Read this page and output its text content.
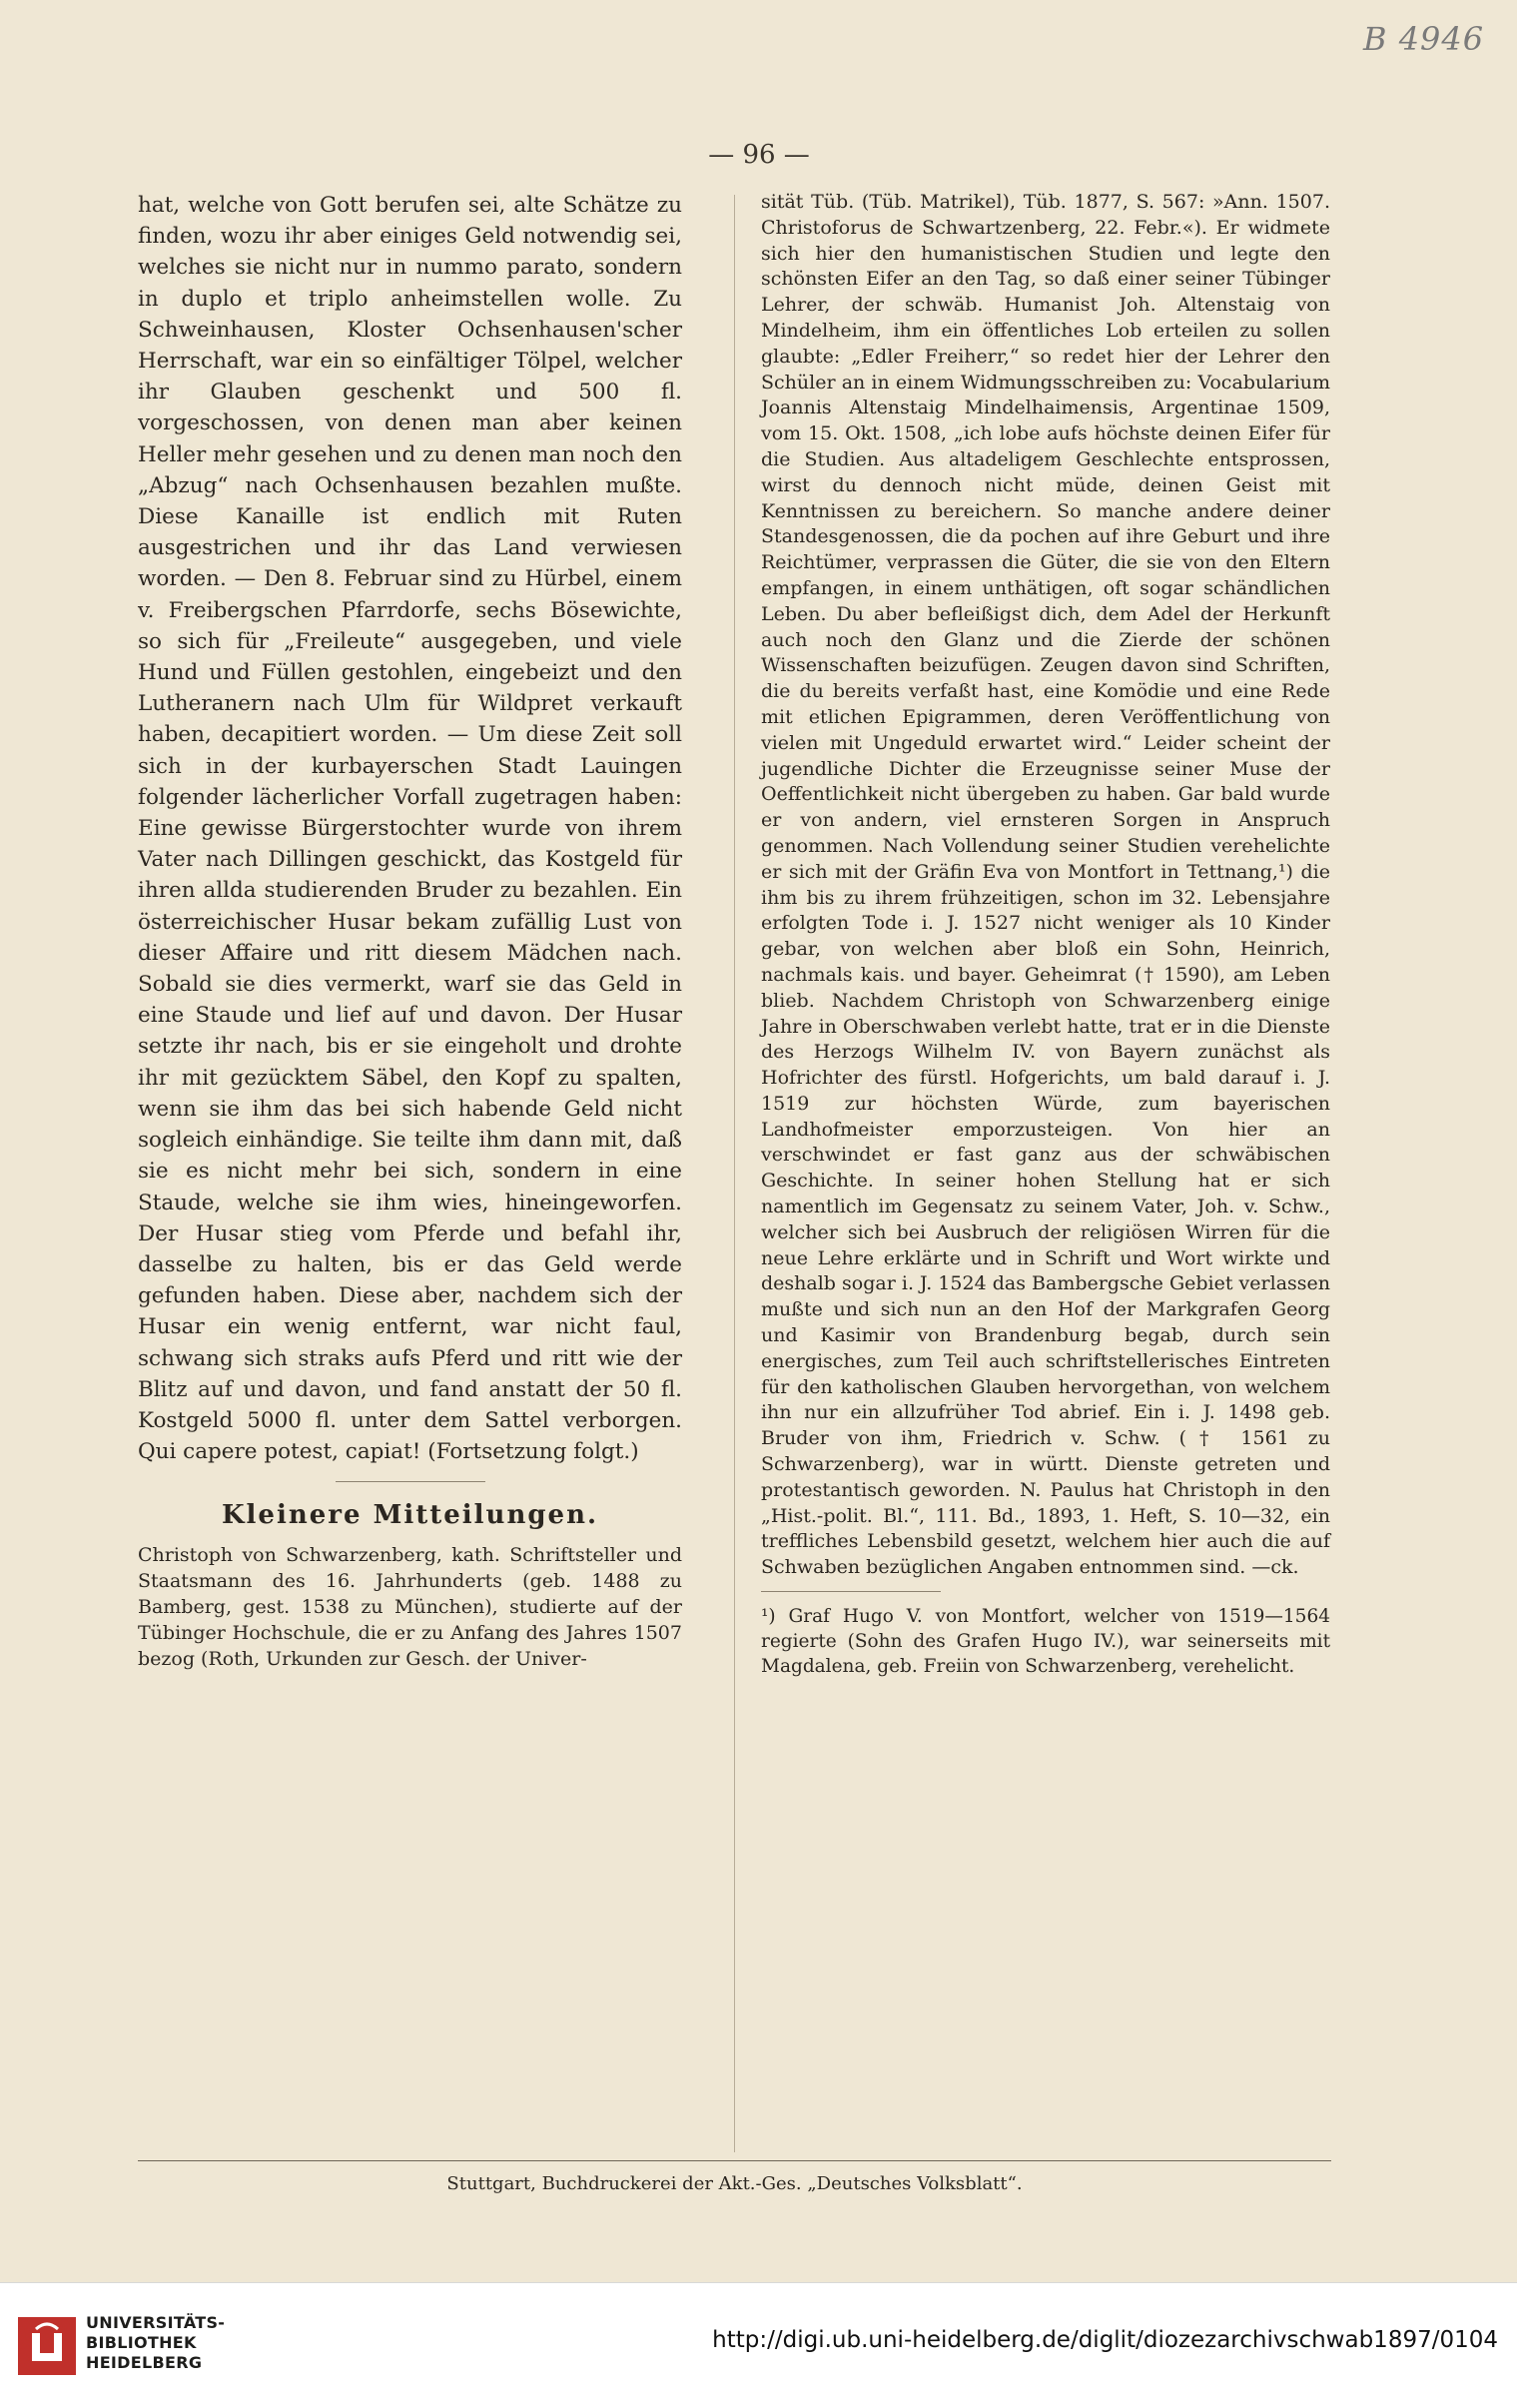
B 4946
— 96 —

hat, welche von Gott berufen sei, alte Schätze zu finden, wozu ihr aber einiges Geld notwendig sei, welches sie nicht nur in nummo parato, sondern in duplo et triplo anheimstellen wolle. Zu Schweinhausen, Kloster Ochsenhausen'scher Herrschaft, war ein so einfältiger Tölpel, welcher ihr Glauben geschenkt und 500 fl. vorgeschossen, von denen man aber keinen Heller mehr gesehen und zu denen man noch den „Abzug“ nach Ochsenhausen bezahlen mußte. Diese Kanaille ist endlich mit Ruten ausgestrichen und ihr das Land verwiesen worden. — Den 8. Februar sind zu Hürbel, einem v. Freibergschen Pfarrdorfe, sechs Bösewichte, so sich für „Freileute“ ausgegeben, und viele Hund und Füllen gestohlen, eingebeizt und den Lutheranern nach Ulm für Wildpret verkauft haben, decapitiert worden. — Um diese Zeit soll sich in der kurbayerschen Stadt Lauingen folgender lächerlicher Vorfall zugetragen haben: Eine gewisse Bürgerstochter wurde von ihrem Vater nach Dillingen geschickt, das Kostgeld für ihren allda studierenden Bruder zu bezahlen. Ein österreichischer Husar bekam zufällig Lust von dieser Affaire und ritt diesem Mädchen nach. Sobald sie dies vermerkt, warf sie das Geld in eine Staude und lief auf und davon. Der Husar setzte ihr nach, bis er sie eingeholt und drohte ihr mit gezücktem Säbel, den Kopf zu spalten, wenn sie ihm das bei sich habende Geld nicht sogleich einhändige. Sie teilte ihm dann mit, daß sie es nicht mehr bei sich, sondern in eine Staude, welche sie ihm wies, hineingeworfen. Der Husar stieg vom Pferde und befahl ihr, dasselbe zu halten, bis er das Geld werde gefunden haben. Diese aber, nachdem sich der Husar ein wenig entfernt, war nicht faul, schwang sich straks aufs Pferd und ritt wie der Blitz auf und davon, und fand anstatt der 50 fl. Kostgeld 5000 fl. unter dem Sattel verborgen. Qui capere potest, capiat! (Fortsetzung folgt.)

Kleinere Mitteilungen.

Christoph von Schwarzenberg, kath. Schriftsteller und Staatsmann des 16. Jahrhunderts (geb. 1488 zu Bamberg, gest. 1538 zu München), studierte auf der Tübinger Hochschule, die er zu Anfang des Jahres 1507 bezog (Roth, Urkunden zur Gesch. der Univer-

sität Tüb. (Tüb. Matrikel), Tüb. 1877, S. 567: »Ann. 1507. Christoforus de Schwartzenberg, 22. Febr.«). Er widmete sich hier den humanistischen Studien und legte den schönsten Eifer an den Tag, so daß einer seiner Tübinger Lehrer, der schwäb. Humanist Joh. Altenstaig von Mindelheim, ihm ein öffentliches Lob erteilen zu sollen glaubte: „Edler Freiherr,“ so redet hier der Lehrer den Schüler an in einem Widmungsschreiben zu: Vocabularium Joannis Altenstaig Mindelhaimensis, Argentinae 1509, vom 15. Okt. 1508, „ich lobe aufs höchste deinen Eifer für die Studien. Aus altadeligem Geschlechte entsprossen, wirst du dennoch nicht müde, deinen Geist mit Kenntnissen zu bereichern. So manche andere deiner Standesgenossen, die da pochen auf ihre Geburt und ihre Reichtümer, verprassen die Güter, die sie von den Eltern empfangen, in einem unthätigen, oft sogar schändlichen Leben. Du aber befleißigst dich, dem Adel der Herkunft auch noch den Glanz und die Zierde der schönen Wissenschaften beizufügen. Zeugen davon sind Schriften, die du bereits verfaßt hast, eine Komödie und eine Rede mit etlichen Epigrammen, deren Veröffentlichung von vielen mit Ungeduld erwartet wird.“ Leider scheint der jugendliche Dichter die Erzeugnisse seiner Muse der Oeffentlichkeit nicht übergeben zu haben. Gar bald wurde er von andern, viel ernsteren Sorgen in Anspruch genommen. Nach Vollendung seiner Studien verehelichte er sich mit der Gräfin Eva von Montfort in Tettnang,¹) die ihm bis zu ihrem frühzeitigen, schon im 32. Lebensjahre erfolgten Tode i. J. 1527 nicht weniger als 10 Kinder gebar, von welchen aber bloß ein Sohn, Heinrich, nachmals kais. und bayer. Geheimrat († 1590), am Leben blieb. Nachdem Christoph von Schwarzenberg einige Jahre in Oberschwaben verlebt hatte, trat er in die Dienste des Herzogs Wilhelm IV. von Bayern zunächst als Hofrichter des fürstl. Hofgerichts, um bald darauf i. J. 1519 zur höchsten Würde, zum bayerischen Landhofmeister emporzusteigen. Von hier an verschwindet er fast ganz aus der schwäbischen Geschichte. In seiner hohen Stellung hat er sich namentlich im Gegensatz zu seinem Vater, Joh. v. Schw., welcher sich bei Ausbruch der religiösen Wirren für die neue Lehre erklärte und in Schrift und Wort wirkte und deshalb sogar i. J. 1524 das Bambergsche Gebiet verlassen mußte und sich nun an den Hof der Markgrafen Georg und Kasimir von Brandenburg begab, durch sein energisches, zum Teil auch schriftstellerisches Eintreten für den katholischen Glauben hervorgethan, von welchem ihn nur ein allzufrüher Tod abrief. Ein i. J. 1498 geb. Bruder von ihm, Friedrich v. Schw. († 1561 zu Schwarzenberg), war in württ. Dienste getreten und protestantisch geworden. N. Paulus hat Christoph in den „Hist.-polit. Bl.“, 111. Bd., 1893, 1. Heft, S. 10—32, ein treffliches Lebensbild gesetzt, welchem hier auch die auf Schwaben bezüglichen Angaben entnommen sind. —ck.

¹) Graf Hugo V. von Montfort, welcher von 1519—1564 regierte (Sohn des Grafen Hugo IV.), war seinerseits mit Magdalena, geb. Freiin von Schwarzenberg, verehelicht.

Stuttgart, Buchdruckerei der Akt.-Ges. „Deutsches Volksblatt“.
UNIVERSITÄTS-
BIBLIOTHEK
HEIDELBERG
http://digi.ub.uni-heidelberg.de/diglit/diozezarchivschwab1897/0104
